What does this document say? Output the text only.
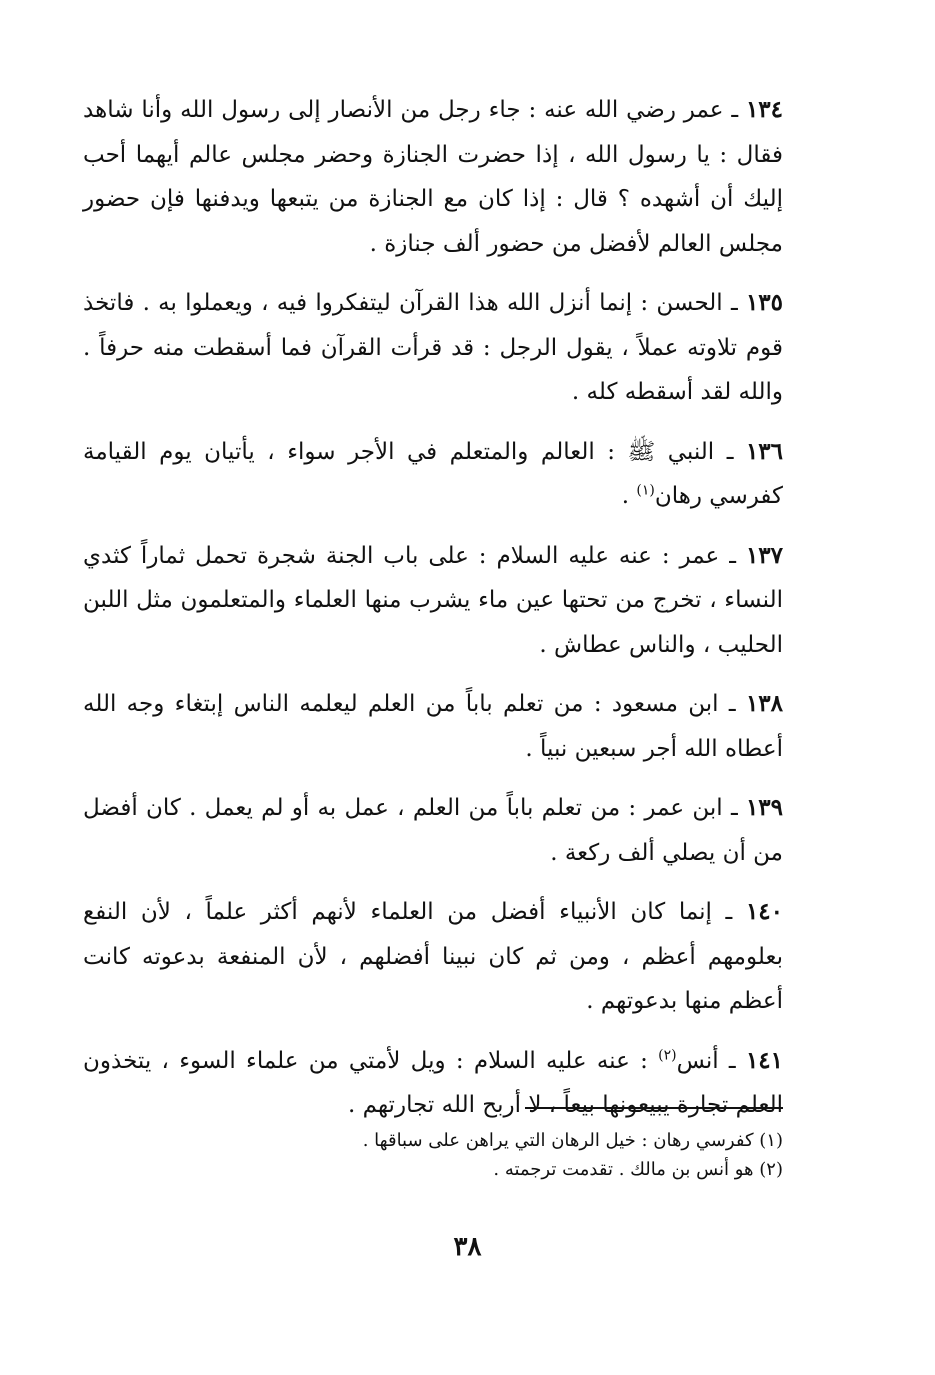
١٣٤ ـ عمر رضي الله عنه : جاء رجل من الأنصار إلى رسول الله وأنا شاهد فقال : يا رسول الله ، إذا حضرت الجنازة وحضر مجلس عالم أيهما أحب إليك أن أشهده ؟ قال : إذا كان مع الجنازة من يتبعها ويدفنها فإن حضور مجلس العالم لأفضل من حضور ألف جنازة .

١٣٥ ـ الحسن : إنما أنزل الله هذا القرآن ليتفكروا فيه ، ويعملوا به . فاتخذ قوم تلاوته عملاً ، يقول الرجل : قد قرأت القرآن فما أسقطت منه حرفاً . والله لقد أسقطه كله .

١٣٦ ـ النبي ﷺ : العالم والمتعلم في الأجر سواء ، يأتيان يوم القيامة كفرسي رهان$^{(١)}$ .

١٣٧ ـ عمر : عنه عليه السلام : على باب الجنة شجرة تحمل ثماراً كثدي النساء ، تخرج من تحتها عين ماء يشرب منها العلماء والمتعلمون مثل اللبن الحليب ، والناس عطاش .

١٣٨ ـ ابن مسعود : من تعلم باباً من العلم ليعلمه الناس إبتغاء وجه الله أعطاه الله أجر سبعين نبياً .

١٣٩ ـ ابن عمر : من تعلم باباً من العلم ، عمل به أو لم يعمل . كان أفضل من أن يصلي ألف ركعة .

١٤٠ ـ إنما كان الأنبياء أفضل من العلماء لأنهم أكثر علماً ، لأن النفع بعلومهم أعظم ، ومن ثم كان نبينا أفضلهم ، لأن المنفعة بدعوته كانت أعظم منها بدعوتهم .

١٤١ ـ أنس$^{(٢)}$ : عنه عليه السلام : ويل لأمتي من علماء السوء ، يتخذون العلم تجارة يبيعونها بيعاً ، لا أربح الله تجارتهم .

(١) كفرسي رهان : خيل الرهان التي يراهن على سباقها .

(٢) هو أنس بن مالك . تقدمت ترجمته .

٣٨
